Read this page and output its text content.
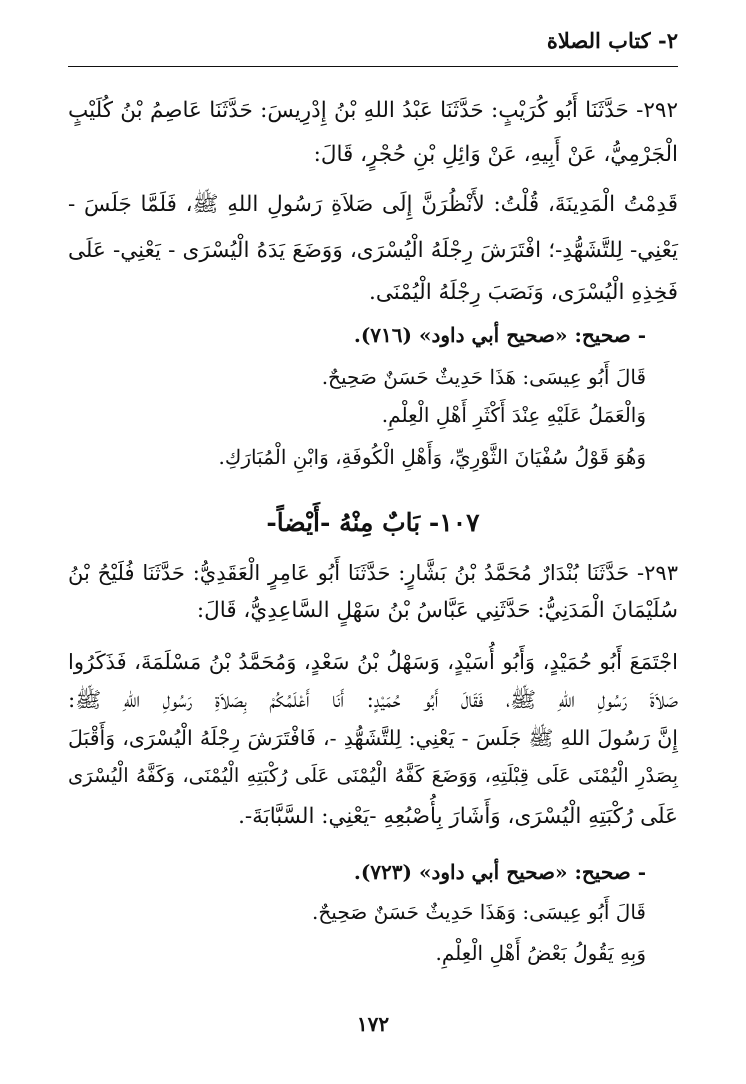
٢- كتاب الصلاة
٢٩٢- حَدَّثَنَا أَبُو كُرَيْبٍ: حَدَّثَنَا عَبْدُ اللهِ بْنُ إِدْرِيسَ: حَدَّثَنَا عَاصِمُ بْنُ كُلَيْبٍ
الْجَرْمِيُّ، عَنْ أَبِيهِ، عَنْ وَائِلِ بْنِ حُجْرٍ، قَالَ:
قَدِمْتُ الْمَدِينَةَ، قُلْتُ: لأَنْظُرَنَّ إِلَى صَلاَةِ رَسُولِ اللهِ ﷺ، فَلَمَّا جَلَسَ -
يَعْنِي- لِلتَّشَهُّدِ-؛ افْتَرَشَ رِجْلَهُ الْيُسْرَى، وَوَضَعَ يَدَهُ الْيُسْرَى - يَعْنِي- عَلَى
فَخِذِهِ الْيُسْرَى، وَنَصَبَ رِجْلَهُ الْيُمْنَى.
- صحيح: «صحيح أبي داود» (٧١٦).
قَالَ أَبُو عِيسَى: هَذَا حَدِيثٌ حَسَنٌ صَحِيحٌ.
وَالْعَمَلُ عَلَيْهِ عِنْدَ أَكْثَرِ أَهْلِ الْعِلْمِ.
وَهُوَ قَوْلُ سُفْيَانَ الثَّوْرِيِّ، وَأَهْلِ الْكُوفَةِ، وَابْنِ الْمُبَارَكِ.
١٠٧- بَابٌ مِنْهُ -أَيْضاً-
٢٩٣- حَدَّثَنَا بُنْدَارٌ مُحَمَّدُ بْنُ بَشَّارٍ: حَدَّثَنَا أَبُو عَامِرٍ الْعَقَدِيُّ: حَدَّثَنَا فُلَيْحُ بْنُ
سُلَيْمَانَ الْمَدَنِيُّ: حَدَّثَنِي عَبَّاسُ بْنُ سَهْلٍ السَّاعِدِيُّ، قَالَ:
اجْتَمَعَ أَبُو حُمَيْدٍ، وَأَبُو أُسَيْدٍ، وَسَهْلُ بْنُ سَعْدٍ، وَمُحَمَّدُ بْنُ مَسْلَمَةَ، فَذَكَرُوا
صَلاَةَ رَسُولِ اللهِ ﷺ، فَقَالَ أَبُو حُمَيْدٍ: أَنَا أَعْلَمُكُمْ بِصَلاَةِ رَسُولِ اللهِ ﷺ:
إِنَّ رَسُولَ اللهِ ﷺ جَلَسَ - يَعْنِي: لِلتَّشَهُّدِ -، فَافْتَرَشَ رِجْلَهُ الْيُسْرَى، وَأَقْبَلَ
بِصَدْرِ الْيُمْنَى عَلَى قِبْلَتِهِ، وَوَضَعَ كَفَّهُ الْيُمْنَى عَلَى رُكْبَتِهِ الْيُمْنَى، وَكَفَّهُ الْيُسْرَى
عَلَى رُكْبَتِهِ الْيُسْرَى، وَأَشَارَ بِأُصْبُعِهِ -يَعْنِي: السَّبَّابَةَ-.
- صحيح: «صحيح أبي داود» (٧٢٣).
قَالَ أَبُو عِيسَى: وَهَذَا حَدِيثٌ حَسَنٌ صَحِيحٌ.
وَبِهِ يَقُولُ بَعْضُ أَهْلِ الْعِلْمِ.
١٧٢
